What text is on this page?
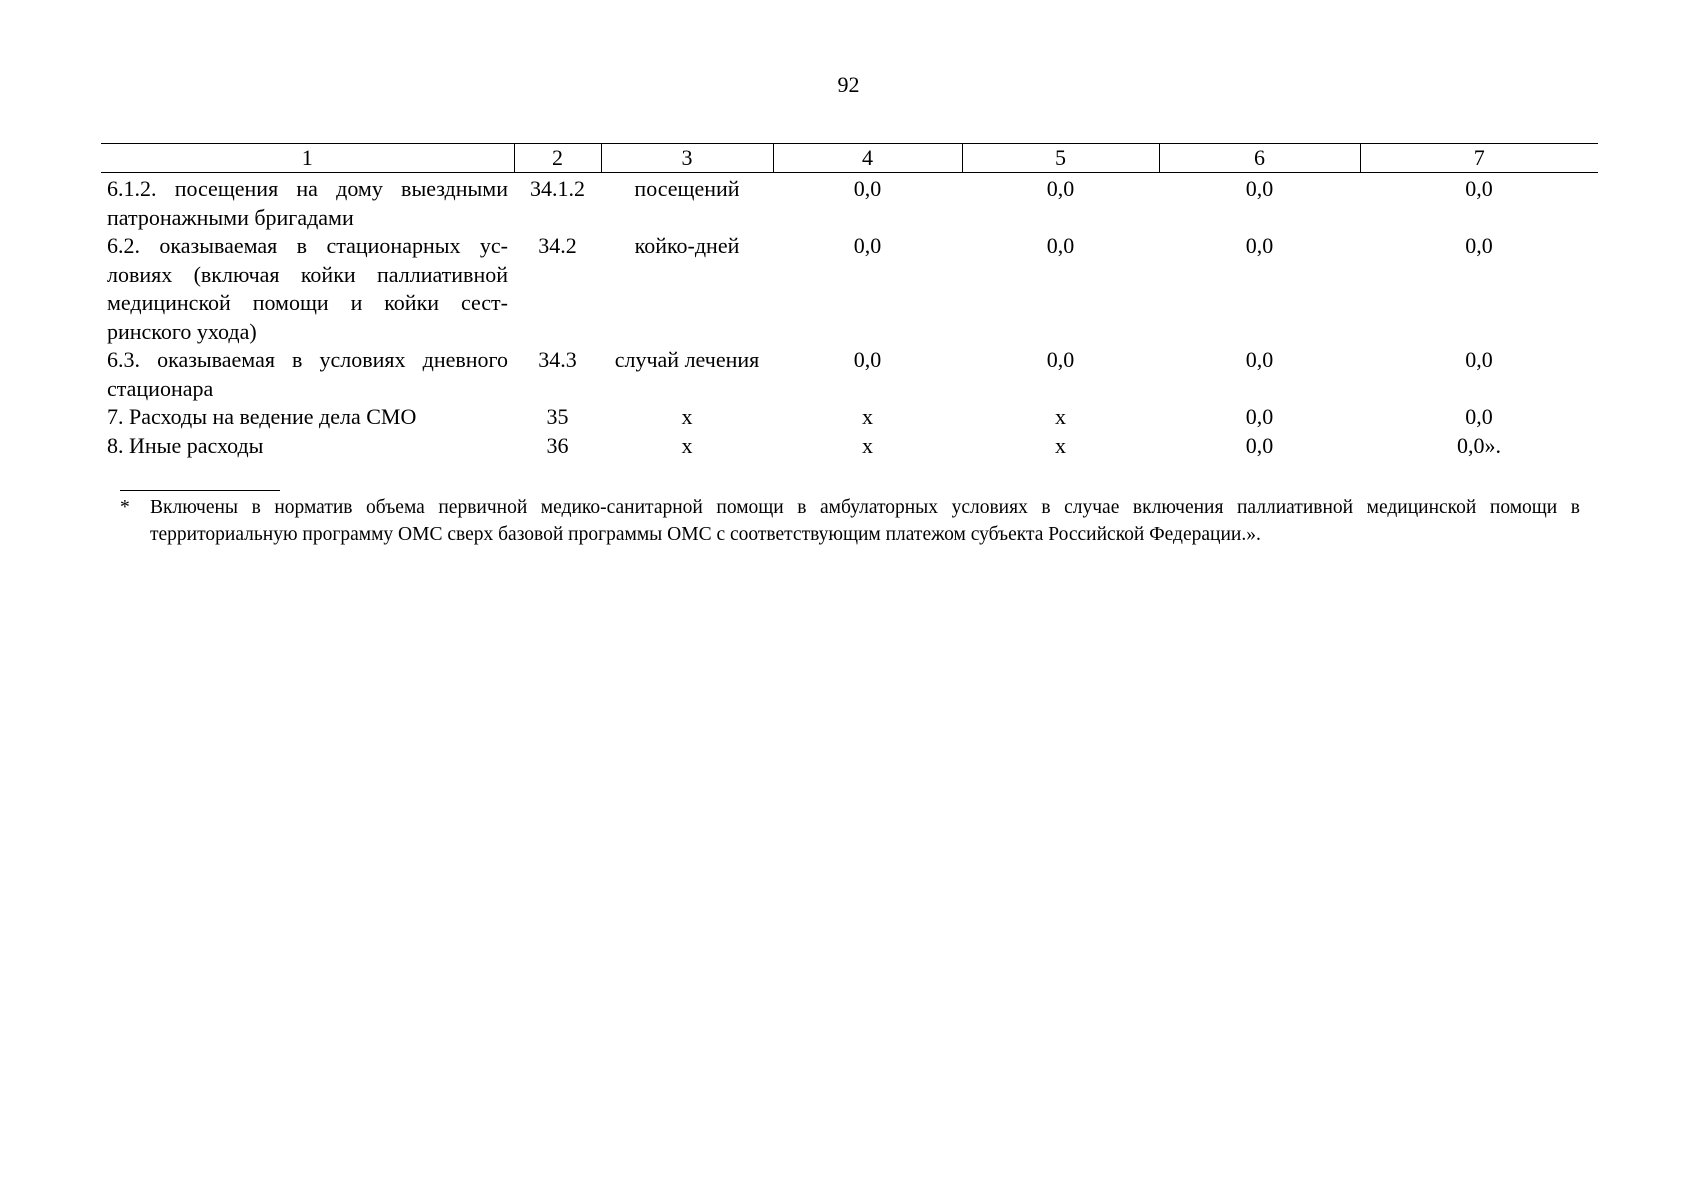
92
1	2	3	4	5	6	7
6.1.2. посещения на дому выездными патронажными бригадами	34.1.2	посещений	0,0	0,0	0,0	0,0
6.2. оказываемая в стационарных условиях (включая койки паллиативной медицинской помощи и койки сестринского ухода)	34.2	койко-дней	0,0	0,0	0,0	0,0
6.3. оказываемая в условиях дневного стационара	34.3	случай лечения	0,0	0,0	0,0	0,0
7. Расходы на ведение дела СМО	35	х	х	х	0,0	0,0
8. Иные расходы	36	х	х	х	0,0	0,0».
* Включены в норматив объема первичной медико-санитарной помощи в амбулаторных условиях в случае включения паллиативной медицинской помощи в территориальную программу ОМС сверх базовой программы ОМС с соответствующим платежом субъекта Российской Федерации.».
